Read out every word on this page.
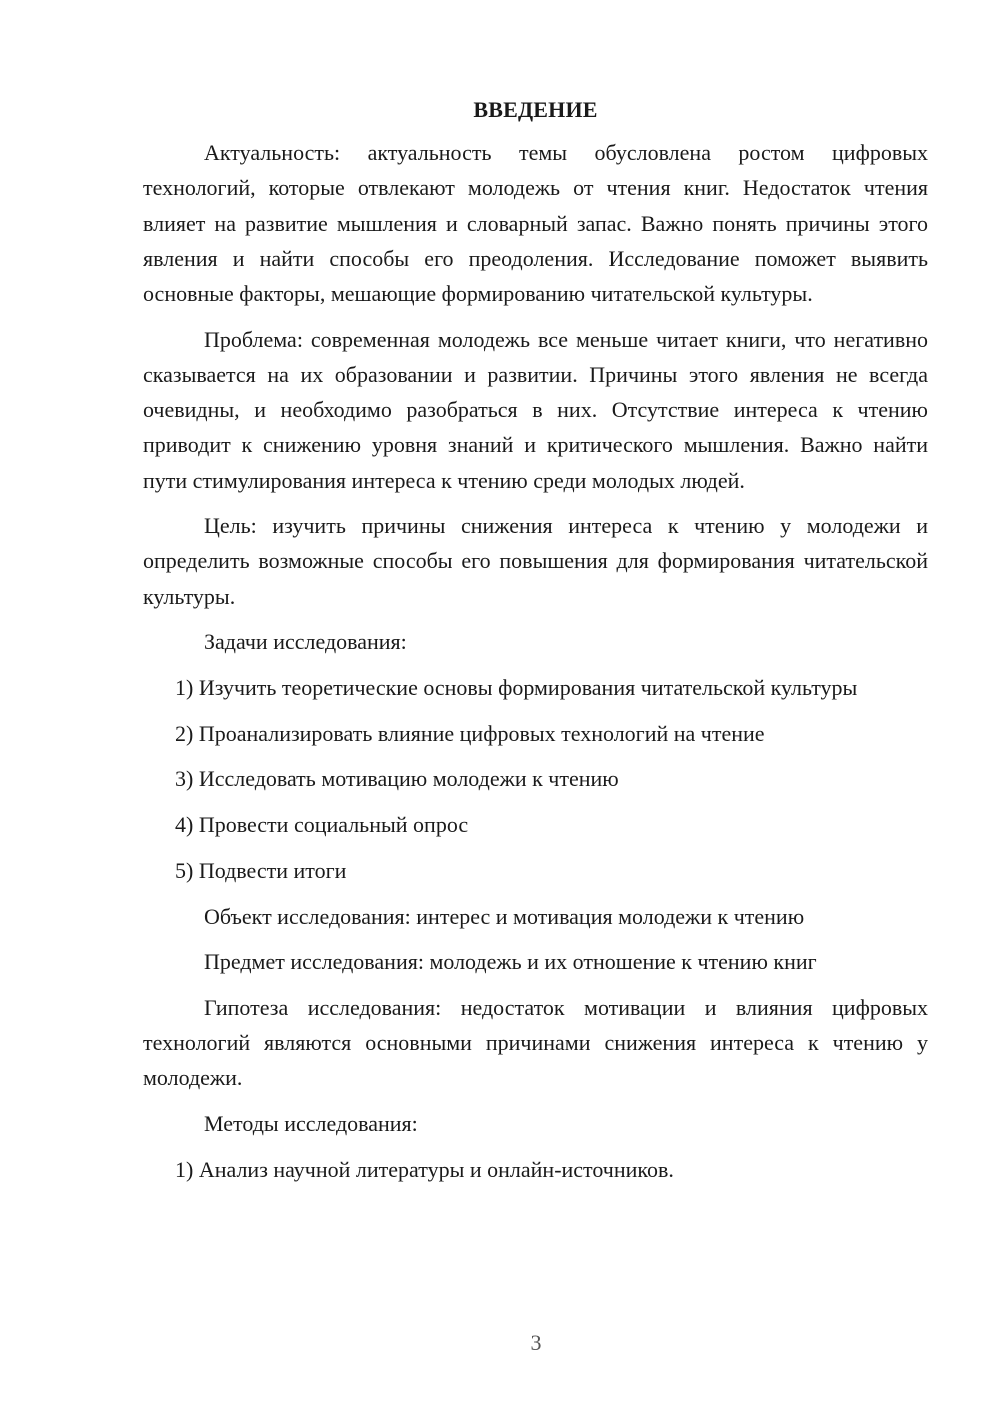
ВВЕДЕНИЕ

Актуальность: актуальность темы обусловлена ростом цифровых технологий, которые отвлекают молодежь от чтения книг. Недостаток чтения влияет на развитие мышления и словарный запас. Важно понять причины этого явления и найти способы его преодоления. Исследование поможет выявить основные факторы, мешающие формированию читательской культуры.

Проблема: современная молодежь все меньше читает книги, что негативно сказывается на их образовании и развитии. Причины этого явления не всегда очевидны, и необходимо разобраться в них. Отсутствие интереса к чтению приводит к снижению уровня знаний и критического мышления. Важно найти пути стимулирования интереса к чтению среди молодых людей.

Цель: изучить причины снижения интереса к чтению у молодежи и определить возможные способы его повышения для формирования читательской культуры.

Задачи исследования:

1) Изучить теоретические основы формирования читательской культуры

2) Проанализировать влияние цифровых технологий на чтение

3) Исследовать мотивацию молодежи к чтению

4) Провести социальный опрос

5) Подвести итоги

Объект исследования: интерес и мотивация молодежи к чтению

Предмет исследования: молодежь и их отношение к чтению книг

Гипотеза исследования: недостаток мотивации и влияния цифровых технологий являются основными причинами снижения интереса к чтению у молодежи.

Методы исследования:

1) Анализ научной литературы и онлайн-источников.

3
